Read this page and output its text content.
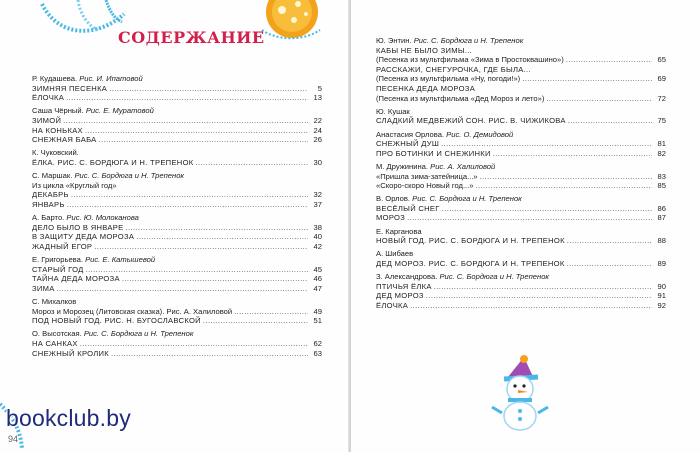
СОДЕРЖАНИЕ
Р. Кудашева. Рис. И. Ипатовой
ЗИМНЯЯ ПЕСЕНКА .....	5
ЁЛОЧКА .....	13
Саша Чёрный. Рис. Е. Муратовой
ЗИМОЙ .....	22
НА КОНЬКАХ .....	24
СНЕЖНАЯ БАБА .....	26
К. Чуковский.
ЁЛКА. РИС. С. БОРДЮГА И Н. ТРЕПЕНОК .....	30
С. Маршак. Рис. С. Бордюга и Н. Трепенок
Из цикла «Круглый год»
ДЕКАБРЬ .....	32
ЯНВАРЬ .....	37
А. Барто. Рис. Ю. Молоканова
ДЕЛО БЫЛО В ЯНВАРЕ .....	38
В ЗАЩИТУ ДЕДА МОРОЗА .....	40
ЖАДНЫЙ ЕГОР .....	42
Е. Григорьева. Рис. Е. Катышевой
СТАРЫЙ ГОД .....	45
ТАЙНА ДЕДА МОРОЗА .....	46
ЗИМА .....	47
С. Михалков
Мороз и Морозец (Литовская сказка). Рис. А. Халиловой .....	49
ПОД НОВЫЙ ГОД. РИС. Н. БУГОСЛАВСКОЙ .....	51
О. Высотская. Рис. С. Бордюга и Н. Трепенок
НА САНКАХ .....	62
СНЕЖНЫЙ КРОЛИК .....	63
Ю. Энтин. Рис. С. Бордюга и Н. Трепенок
КАБЫ НЕ БЫЛО ЗИМЫ...
(Песенка из мультфильма «Зима в Простоквашино») .....	65
РАССКАЖИ, СНЕГУРОЧКА, ГДЕ БЫЛА...
(Песенка из мультфильма «Ну, погоди!») .....	69
ПЕСЕНКА ДЕДА МОРОЗА
(Песенка из мультфильма «Дед Мороз и лето») .....	72
Ю. Кушак
СЛАДКИЙ МЕДВЕЖИЙ СОН. РИС. В. ЧИЖИКОВА .....	75
Анастасия Орлова. Рис. О. Демидовой
СНЕЖНЫЙ ДУШ .....	81
ПРО БОТИНКИ И СНЕЖИНКИ .....	82
М. Дружинина. Рис. А. Халиловой
«Пришла зима-затейница...» .....	83
«Скоро-скоро Новый год...» .....	85
В. Орлов. Рис. С. Бордюга и Н. Трепенок
ВЕСЁЛЫЙ СНЕГ .....	86
МОРОЗ .....	87
Е. Карганова
НОВЫЙ ГОД. РИС. С. БОРДЮГА И Н. ТРЕПЕНОК .....	88
А. Шибаев
ДЕД МОРОЗ. РИС. С. БОРДЮГА И Н. ТРЕПЕНОК .....	89
З. Александрова. Рис. С. Бордюга и Н. Трепенок
ПТИЧЬЯ ЁЛКА .....	90
ДЕД МОРОЗ .....	91
ЁЛОЧКА .....	92
bookclub.by
94
